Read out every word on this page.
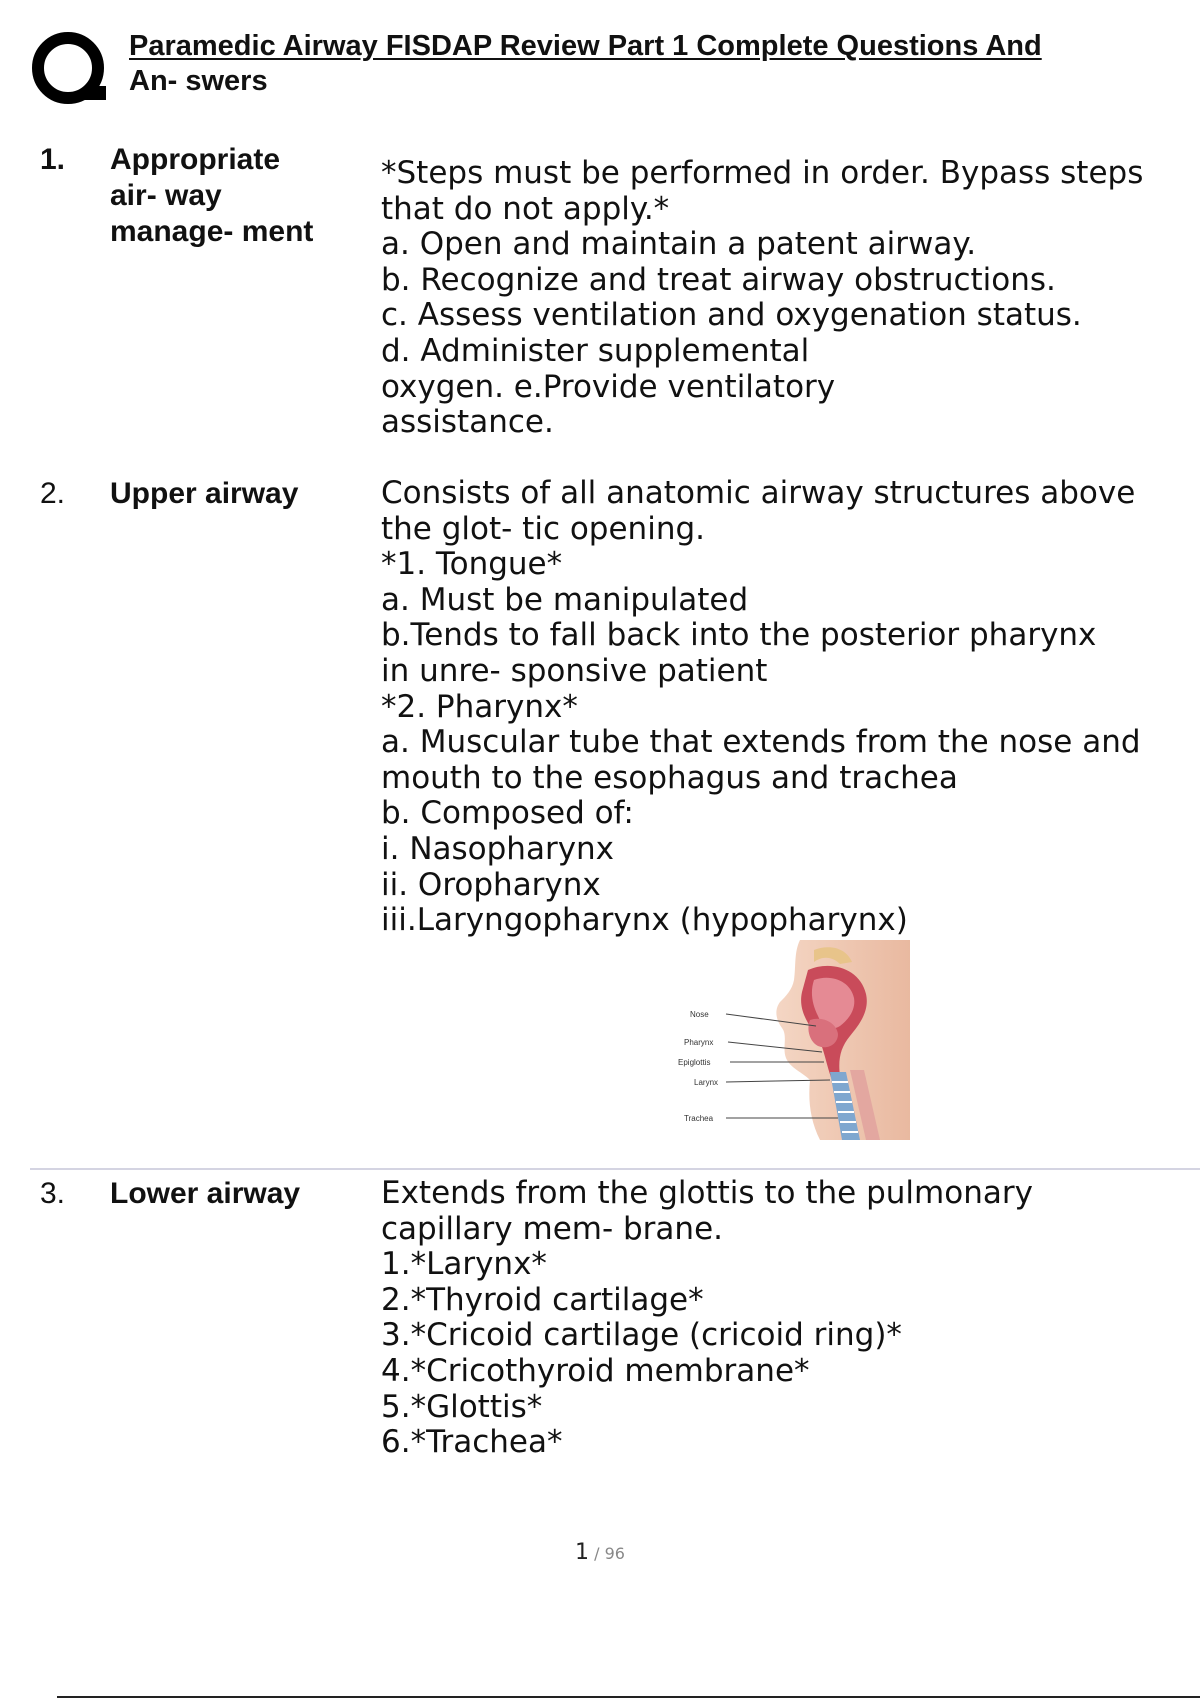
Paramedic Airway FISDAP Review Part 1 Complete Questions And
An- swers
1. Appropriate
air- way
manage- ment
*Steps must be performed in order. Bypass steps
that do not apply.*
a. Open and maintain a patent airway.
b. Recognize and treat airway obstructions.
c. Assess ventilation and oxygenation status.
d. Administer supplemental
oxygen. e.Provide ventilatory
assistance.
2. Upper airway	Consists of all anatomic airway structures above
the glot- tic opening.
*1. Tongue*
a. Must be manipulated
b.Tends to fall back into the posterior pharynx
in unre- sponsive patient
*2. Pharynx*
a. Muscular tube that extends from the nose and
mouth to the esophagus and trachea
b. Composed of:
i. Nasopharynx
ii. Oropharynx
iii.Laryngopharynx (hypopharynx)
Nose
Pharynx
Epiglottis
Larynx
Trachea
3. Lower airway	Extends from the glottis to the pulmonary
capillary mem- brane.
1.*Larynx*
2.*Thyroid cartilage*
3.*Cricoid cartilage (cricoid ring)*
4.*Cricothyroid membrane*
5.*Glottis*
6.*Trachea*
1 / 96
